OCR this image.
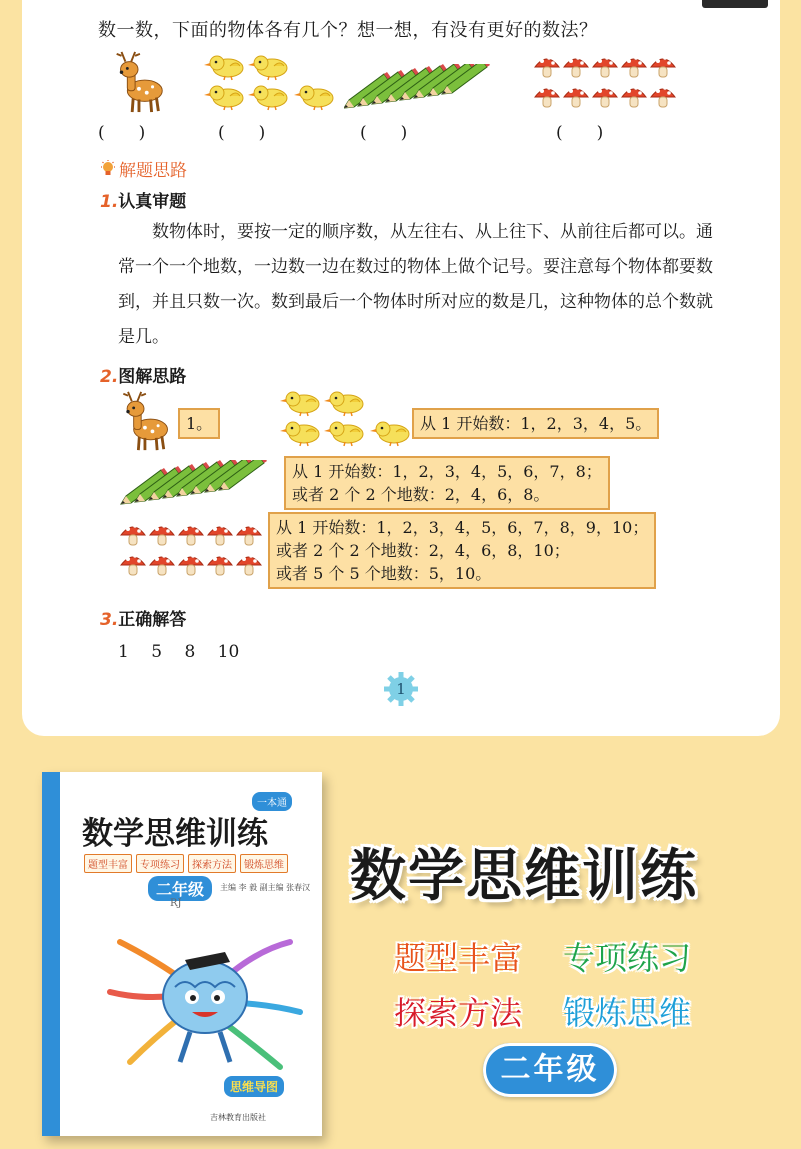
数一数，下面的物体各有几个？想一想，有没有更好的数法？
(　　)	(　　)	(　　)	(　　)
解题思路
1.认真审题

数物体时，要按一定的顺序数，从左往右、从上往下、从前往后都可以。通常一个一个地数，一边数一边在数过的物体上做个记号。要注意每个物体都要数到，并且只数一次。数到最后一个物体时所对应的数是几，这种物体的总个数就是几。

2.图解思路
1。	从 1 开始数：1，2，3，4，5。
从 1 开始数：1，2，3，4，5，6，7，8；
或者 2 个 2 个地数：2，4，6，8。
从 1 开始数：1，2，3，4，5，6，7，8，9，10；
或者 2 个 2 个地数：2，4，6，8，10；
或者 5 个 5 个地数：5，10。
3.正确解答
1　 5　 8　 10
1
数学思维训练一本通二年级
一本通
数学思维训练
题型丰富	专项练习	探索方法	锻炼思维
二年级	主编 李 毅 副主编 张春汉
RJ
思维导图
吉林教育出版社
数学思维训练
题型丰富 专项练习
探索方法 锻炼思维
二年级
